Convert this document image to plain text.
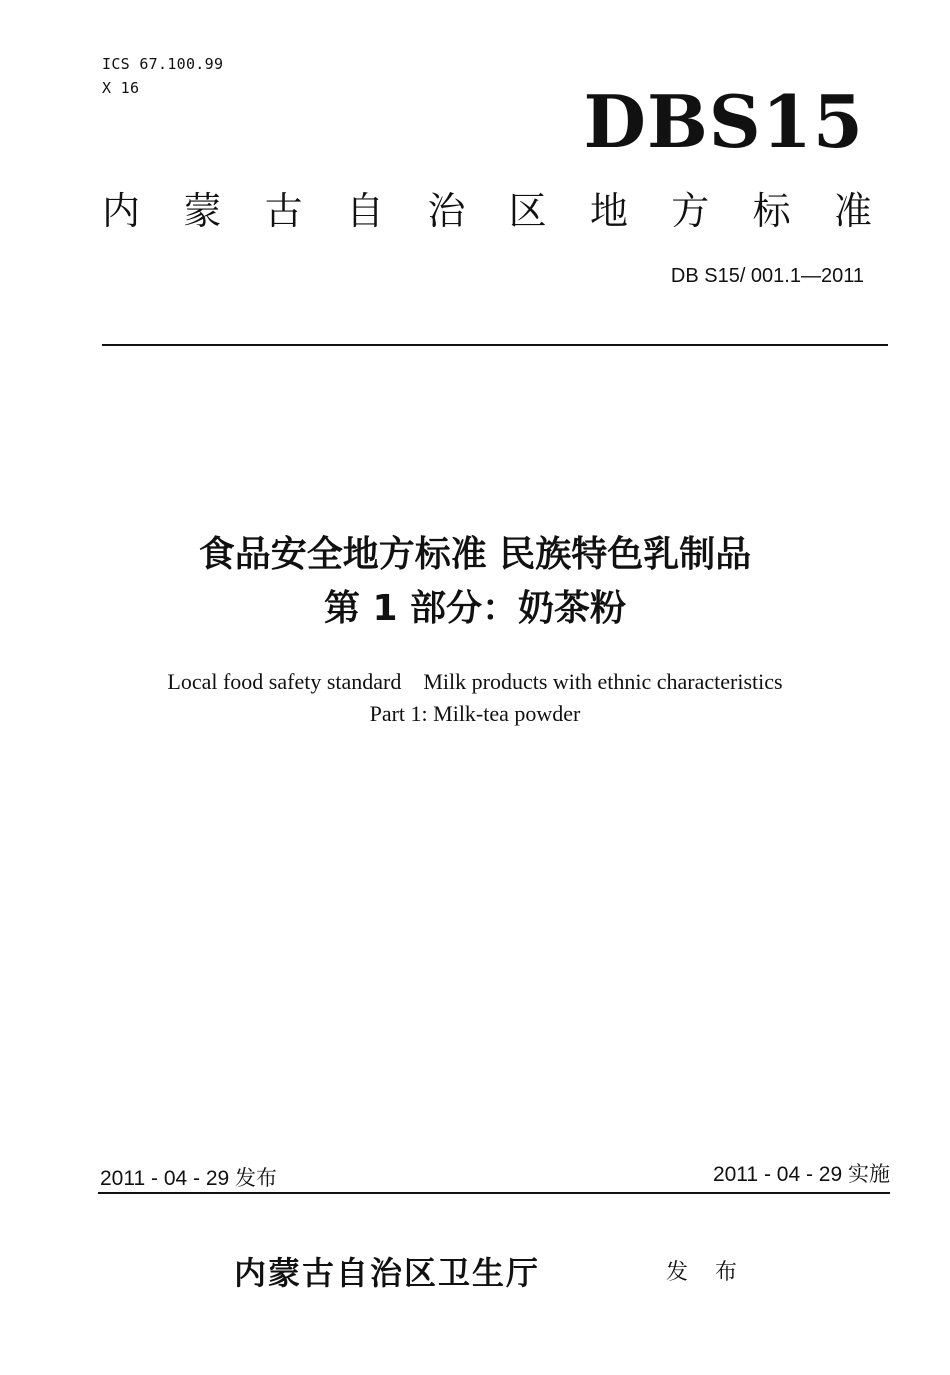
ICS 67.100.99
X 16	DBS15
内 蒙 古 自 治 区 地 方 标 准
DB S15/ 001.1—2011
食品安全地方标准 民族特色乳制品
第 1 部分：奶茶粉
Local food safety standard    Milk products with ethnic characteristics
Part 1: Milk-tea powder
2011 - 04 - 29 发布	2011 - 04 - 29 实施
内蒙古自治区卫生厅	发 布
